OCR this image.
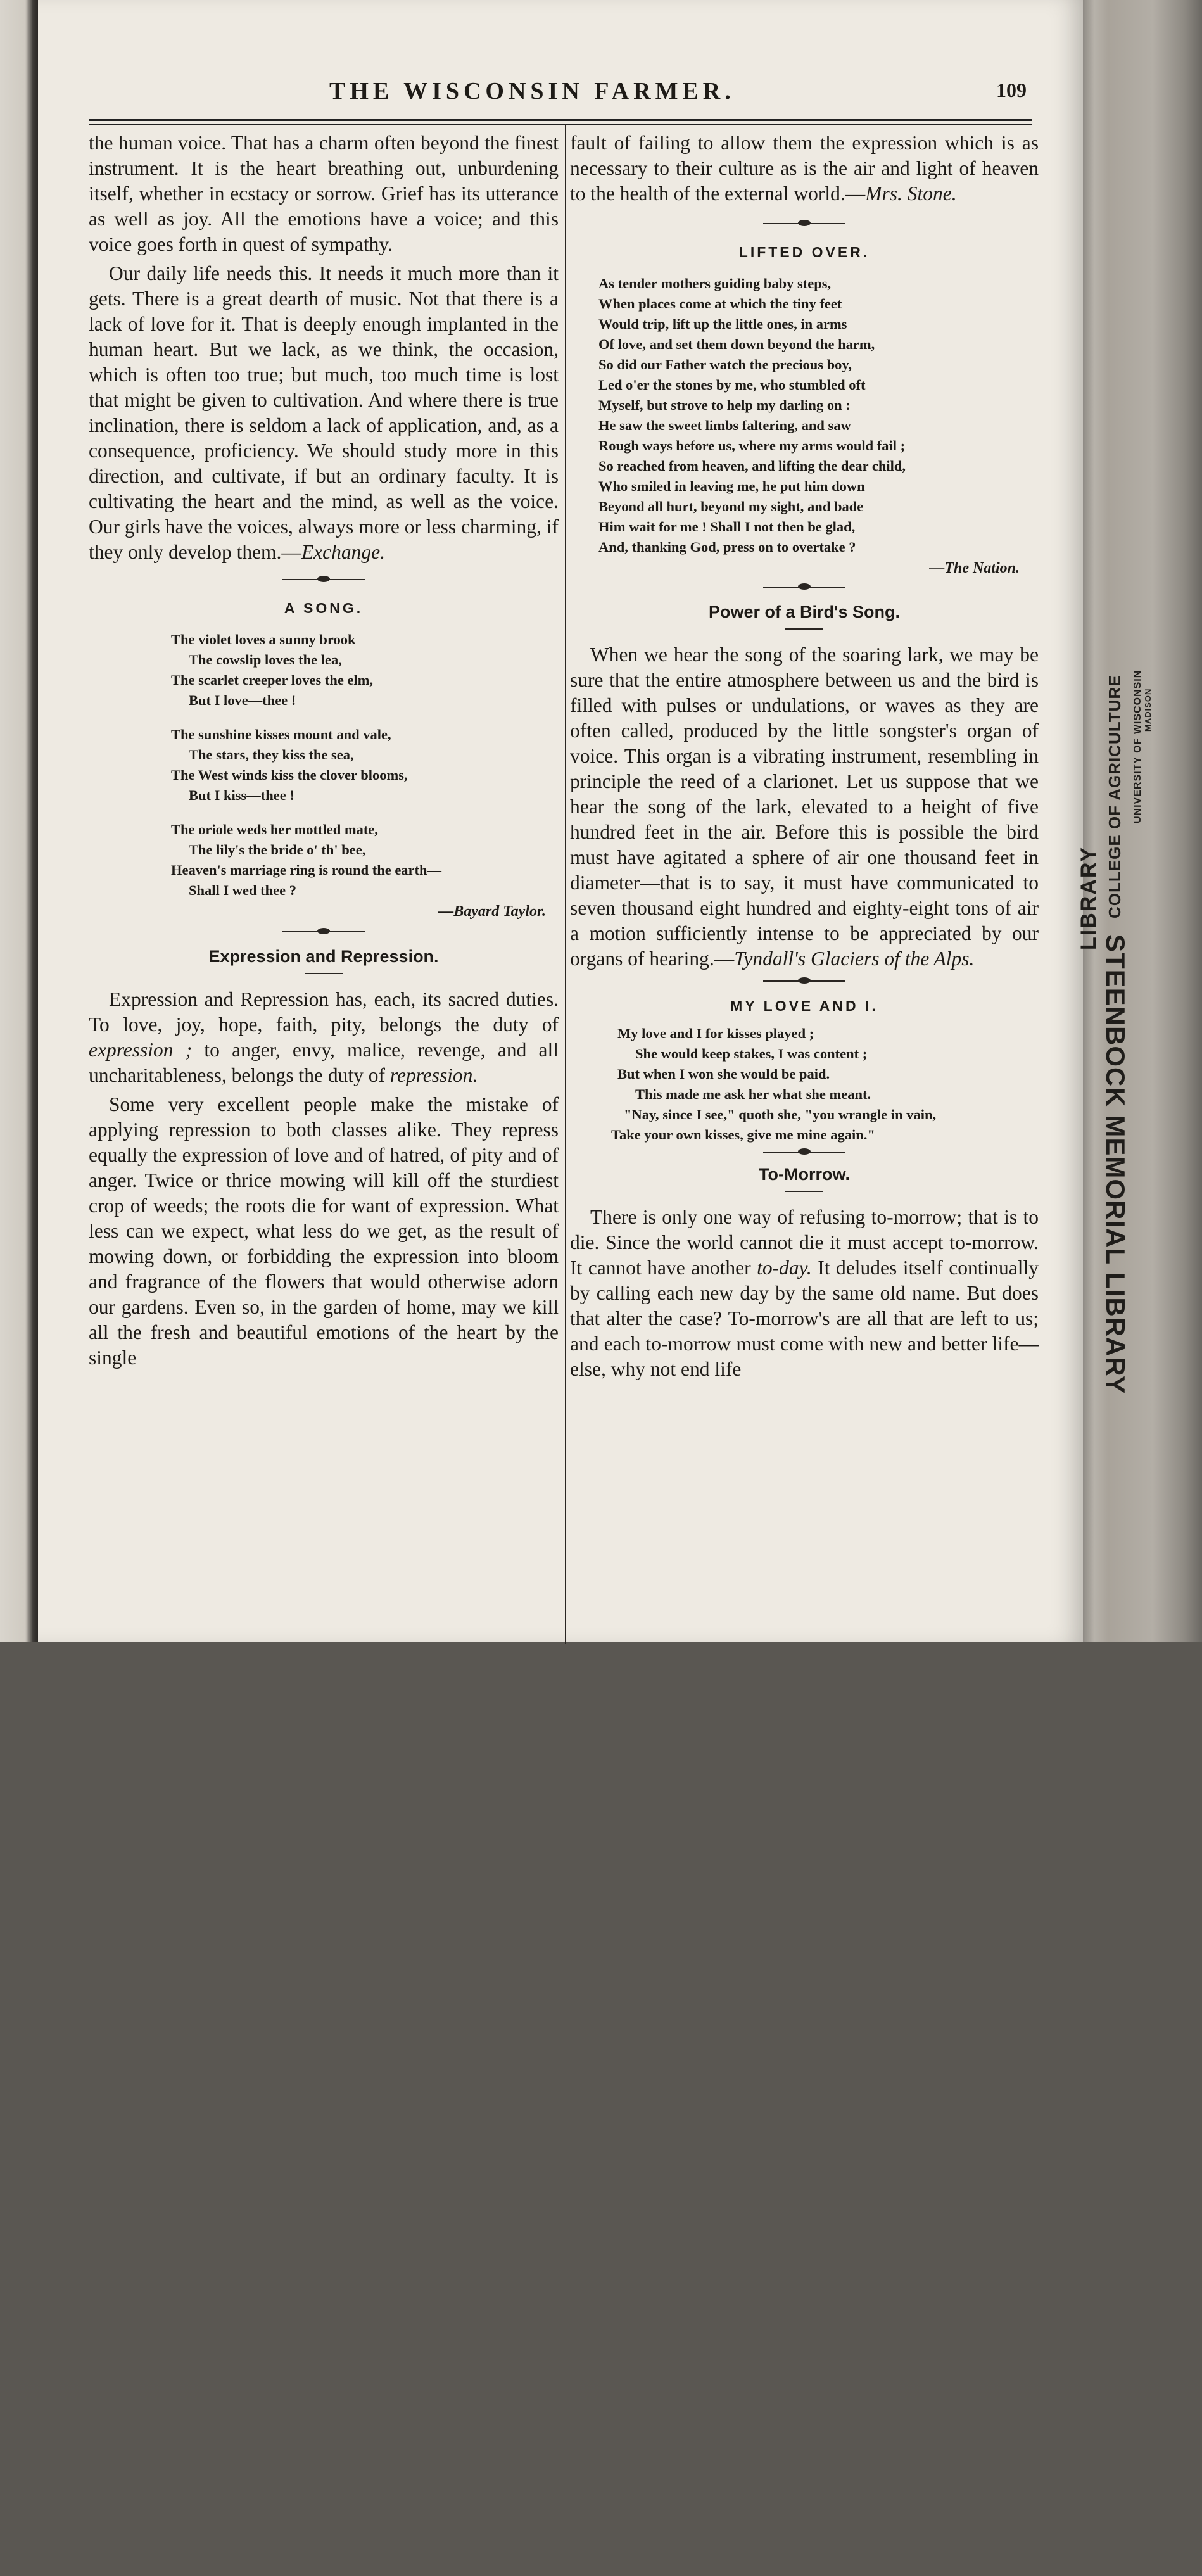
LIBRARY COLLEGE OF AGRICULTURE UNIVERSITY OF WISCONSIN MADISON
STEENBOCK MEMORIAL LIBRARY
THE WISCONSIN FARMER.	109

the human voice. That has a charm often beyond the finest instrument. It is the heart breathing out, unburdening itself, whether in ecstacy or sorrow. Grief has its utterance as well as joy. All the emotions have a voice; and this voice goes forth in quest of sympathy.

Our daily life needs this. It needs it much more than it gets. There is a great dearth of music. Not that there is a lack of love for it. That is deeply enough implanted in the human heart. But we lack, as we think, the occasion, which is often too true; but much, too much time is lost that might be given to cultivation. And where there is true inclination, there is seldom a lack of application, and, as a consequence, proficiency. We should study more in this direction, and cultivate, if but an ordinary faculty. It is cultivating the heart and the mind, as well as the voice. Our girls have the voices, always more or less charming, if they only develop them.—Exchange.

A SONG.
The violet loves a sunny brook
The cowslip loves the lea,
The scarlet creeper loves the elm,
But I love—thee !
The sunshine kisses mount and vale,
The stars, they kiss the sea,
The West winds kiss the clover blooms,
But I kiss—thee !
The oriole weds her mottled mate,
The lily's the bride o' th' bee,
Heaven's marriage ring is round the earth—
Shall I wed thee ?
—Bayard Taylor.
Expression and Repression.

Expression and Repression has, each, its sacred duties. To love, joy, hope, faith, pity, belongs the duty of expression ; to anger, envy, malice, revenge, and all uncharitableness, belongs the duty of repression.

Some very excellent people make the mistake of applying repression to both classes alike. They repress equally the expression of love and of hatred, of pity and of anger. Twice or thrice mowing will kill off the sturdiest crop of weeds; the roots die for want of expression. What less can we expect, what less do we get, as the result of mowing down, or forbidding the expression into bloom and fragrance of the flowers that would otherwise adorn our gardens. Even so, in the garden of home, may we kill all the fresh and beautiful emotions of the heart by the single

fault of failing to allow them the expression which is as necessary to their culture as is the air and light of heaven to the health of the external world.—Mrs. Stone.

LIFTED OVER.
As tender mothers guiding baby steps,
When places come at which the tiny feet
Would trip, lift up the little ones, in arms
Of love, and set them down beyond the harm,
So did our Father watch the precious boy,
Led o'er the stones by me, who stumbled oft
Myself, but strove to help my darling on :
He saw the sweet limbs faltering, and saw
Rough ways before us, where my arms would fail ;
So reached from heaven, and lifting the dear child,
Who smiled in leaving me, he put him down
Beyond all hurt, beyond my sight, and bade
Him wait for me ! Shall I not then be glad,
And, thanking God, press on to overtake ?
—The Nation.
Power of a Bird's Song.

When we hear the song of the soaring lark, we may be sure that the entire atmosphere between us and the bird is filled with pulses or undulations, or waves as they are often called, produced by the little songster's organ of voice. This organ is a vibrating instrument, resembling in principle the reed of a clarionet. Let us suppose that we hear the song of the lark, elevated to a height of five hundred feet in the air. Before this is possible the bird must have agitated a sphere of air one thousand feet in diameter—that is to say, it must have communicated to seven thousand eight hundred and eighty-eight tons of air a motion sufficiently intense to be appreciated by our organs of hearing.—Tyndall's Glaciers of the Alps.

MY LOVE AND I.
My love and I for kisses played ;
She would keep stakes, I was content ;
But when I won she would be paid.
This made me ask her what she meant.
"Nay, since I see," quoth she, "you wrangle in vain,
Take your own kisses, give me mine again."
To-Morrow.

There is only one way of refusing to-morrow; that is to die. Since the world cannot die it must accept to-morrow. It cannot have another to-day. It deludes itself continually by calling each new day by the same old name. But does that alter the case? To-morrow's are all that are left to us; and each to-morrow must come with new and better life—else, why not end life
